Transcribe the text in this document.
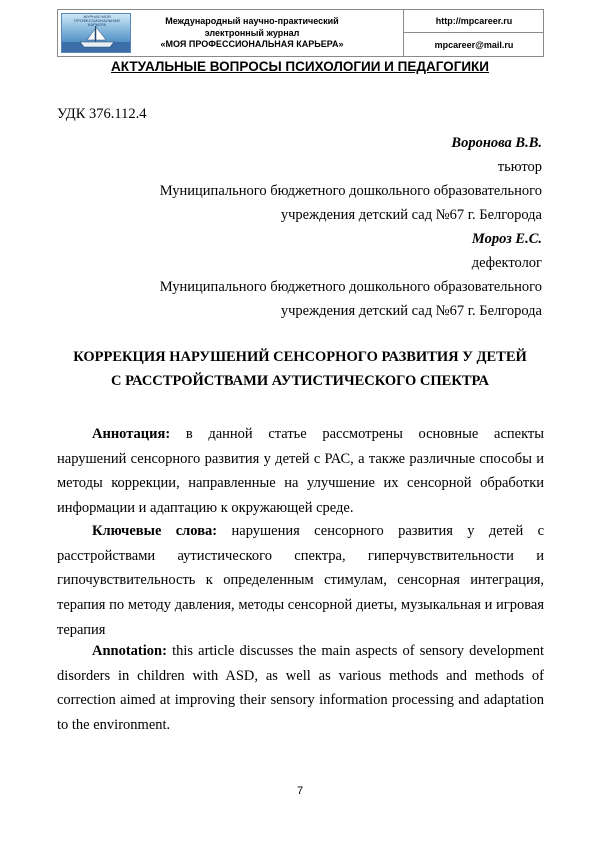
ЖУРНАЛ МОЯ ПРОФЕССИОНАЛЬНАЯ КАРЬЕРА	Международный научно-практический
электронный журнал
«МОЯ ПРОФЕССИОНАЛЬНАЯ КАРЬЕРА»
http://mpcareer.ru
mpcareer@mail.ru
АКТУАЛЬНЫЕ ВОПРОСЫ ПСИХОЛОГИИ И ПЕДАГОГИКИ
УДК 376.112.4
Воронова В.В.
тьютор
Муниципального бюджетного дошкольного образовательного
учреждения детский сад №67 г. Белгорода
Мороз Е.С.
дефектолог
Муниципального бюджетного дошкольного образовательного
учреждения детский сад №67 г. Белгорода
КОРРЕКЦИЯ НАРУШЕНИЙ СЕНСОРНОГО РАЗВИТИЯ У ДЕТЕЙ
С РАССТРОЙСТВАМИ АУТИСТИЧЕСКОГО СПЕКТРА
Аннотация: в данной статье рассмотрены основные аспекты нарушений сенсорного развития у детей с РАС, а также различные способы и методы коррекции, направленные на улучшение их сенсорной обработки информации и адаптацию к окружающей среде.
Ключевые слова: нарушения сенсорного развития у детей с расстройствами аутистического спектра, гиперчувствительности и гипочувствительность к определенным стимулам, сенсорная интеграция, терапия по методу давления, методы сенсорной диеты, музыкальная и игровая терапия
Annotation: this article discusses the main aspects of sensory development disorders in children with ASD, as well as various methods and methods of correction aimed at improving their sensory information processing and adaptation to the environment.
7
